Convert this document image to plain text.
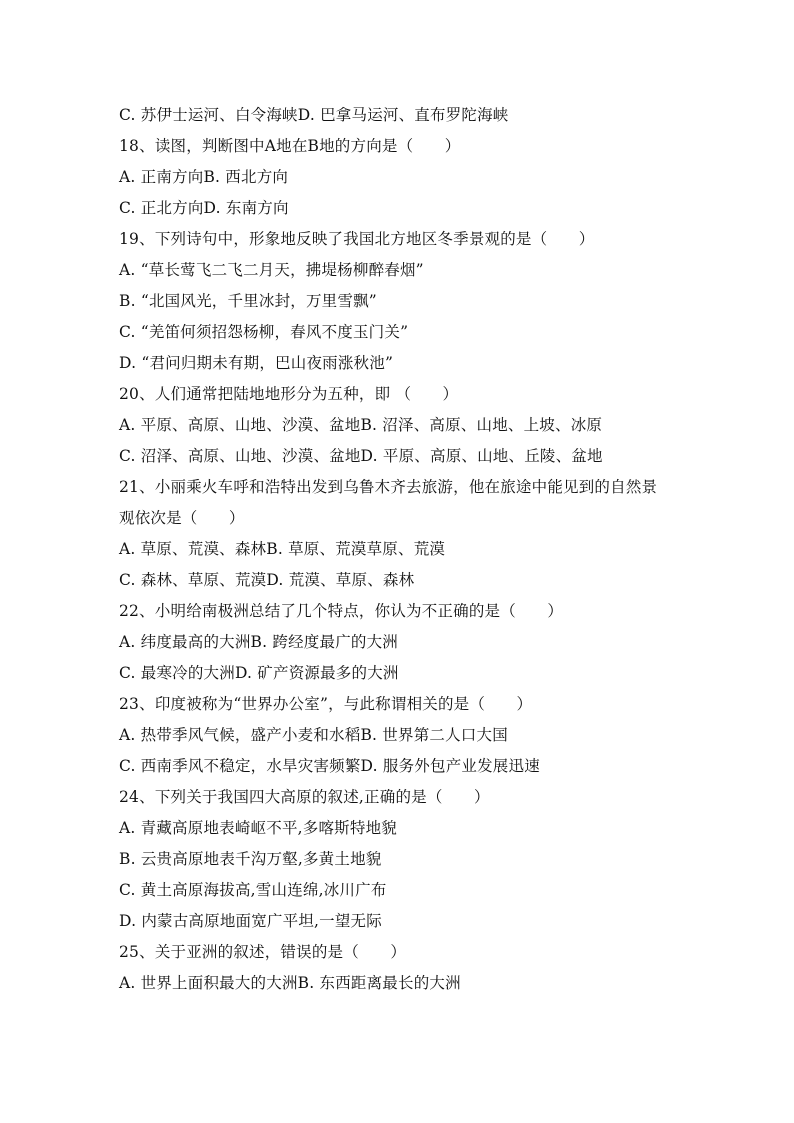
C. 苏伊士运河、白令海峡D. 巴拿马运河、直布罗陀海峡
18、读图，判断图中A地在B地的方向是（　　）
A. 正南方向B. 西北方向
C. 正北方向D. 东南方向
19、下列诗句中，形象地反映了我国北方地区冬季景观的是（　　）
A. “草长莺飞二飞二月天，拂堤杨柳醉春烟”
B. “北国风光，千里冰封，万里雪飘”
C. “羌笛何须招怨杨柳，春风不度玉门关”
D. “君问归期未有期，巴山夜雨涨秋池”
20、人们通常把陆地地形分为五种，即 （　　）
A. 平原、高原、山地、沙漠、盆地B. 沼泽、高原、山地、上坡、冰原
C. 沼泽、高原、山地、沙漠、盆地D. 平原、高原、山地、丘陵、盆地
21、小丽乘火车呼和浩特出发到乌鲁木齐去旅游，他在旅途中能见到的自然景
观依次是（　　）
A. 草原、荒漠、森林B. 草原、荒漠草原、荒漠
C. 森林、草原、荒漠D. 荒漠、草原、森林
22、小明给南极洲总结了几个特点，你认为不正确的是（　　）
A. 纬度最高的大洲B. 跨经度最广的大洲
C. 最寒冷的大洲D. 矿产资源最多的大洲
23、印度被称为“世界办公室”，与此称谓相关的是（　　）
A. 热带季风气候，盛产小麦和水稻B. 世界第二人口大国
C. 西南季风不稳定，水旱灾害频繁D. 服务外包产业发展迅速
24、下列关于我国四大高原的叙述,正确的是（　　）
A. 青藏高原地表崎岖不平,多喀斯特地貌
B. 云贵高原地表千沟万壑,多黄土地貌
C. 黄土高原海拔高,雪山连绵,冰川广布
D. 内蒙古高原地面宽广平坦,一望无际
25、关于亚洲的叙述，错误的是（　　）
A. 世界上面积最大的大洲B. 东西距离最长的大洲
